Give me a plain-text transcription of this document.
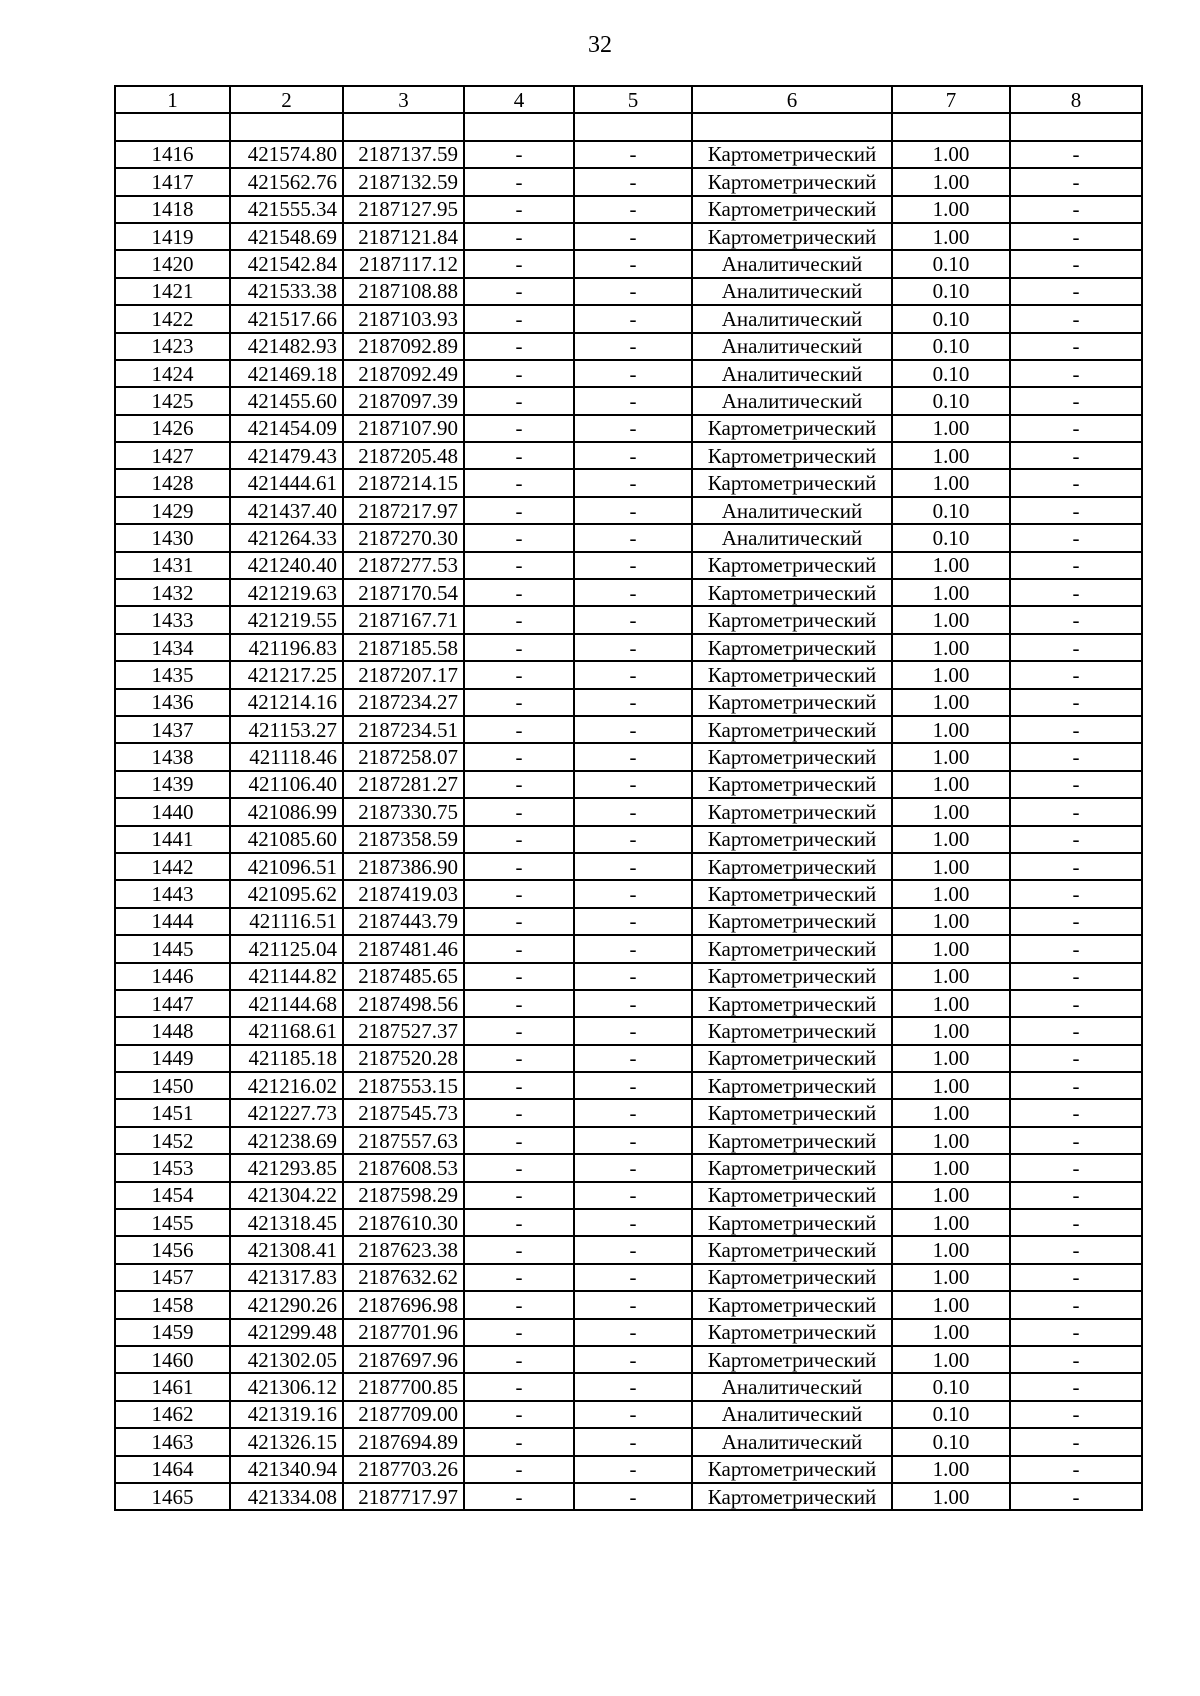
32
1	2	3	4	5	6	7	8

1416	421574.80	2187137.59	-	-	Картометрический	1.00	-
1417	421562.76	2187132.59	-	-	Картометрический	1.00	-
1418	421555.34	2187127.95	-	-	Картометрический	1.00	-
1419	421548.69	2187121.84	-	-	Картометрический	1.00	-
1420	421542.84	2187117.12	-	-	Аналитический	0.10	-
1421	421533.38	2187108.88	-	-	Аналитический	0.10	-
1422	421517.66	2187103.93	-	-	Аналитический	0.10	-
1423	421482.93	2187092.89	-	-	Аналитический	0.10	-
1424	421469.18	2187092.49	-	-	Аналитический	0.10	-
1425	421455.60	2187097.39	-	-	Аналитический	0.10	-
1426	421454.09	2187107.90	-	-	Картометрический	1.00	-
1427	421479.43	2187205.48	-	-	Картометрический	1.00	-
1428	421444.61	2187214.15	-	-	Картометрический	1.00	-
1429	421437.40	2187217.97	-	-	Аналитический	0.10	-
1430	421264.33	2187270.30	-	-	Аналитический	0.10	-
1431	421240.40	2187277.53	-	-	Картометрический	1.00	-
1432	421219.63	2187170.54	-	-	Картометрический	1.00	-
1433	421219.55	2187167.71	-	-	Картометрический	1.00	-
1434	421196.83	2187185.58	-	-	Картометрический	1.00	-
1435	421217.25	2187207.17	-	-	Картометрический	1.00	-
1436	421214.16	2187234.27	-	-	Картометрический	1.00	-
1437	421153.27	2187234.51	-	-	Картометрический	1.00	-
1438	421118.46	2187258.07	-	-	Картометрический	1.00	-
1439	421106.40	2187281.27	-	-	Картометрический	1.00	-
1440	421086.99	2187330.75	-	-	Картометрический	1.00	-
1441	421085.60	2187358.59	-	-	Картометрический	1.00	-
1442	421096.51	2187386.90	-	-	Картометрический	1.00	-
1443	421095.62	2187419.03	-	-	Картометрический	1.00	-
1444	421116.51	2187443.79	-	-	Картометрический	1.00	-
1445	421125.04	2187481.46	-	-	Картометрический	1.00	-
1446	421144.82	2187485.65	-	-	Картометрический	1.00	-
1447	421144.68	2187498.56	-	-	Картометрический	1.00	-
1448	421168.61	2187527.37	-	-	Картометрический	1.00	-
1449	421185.18	2187520.28	-	-	Картометрический	1.00	-
1450	421216.02	2187553.15	-	-	Картометрический	1.00	-
1451	421227.73	2187545.73	-	-	Картометрический	1.00	-
1452	421238.69	2187557.63	-	-	Картометрический	1.00	-
1453	421293.85	2187608.53	-	-	Картометрический	1.00	-
1454	421304.22	2187598.29	-	-	Картометрический	1.00	-
1455	421318.45	2187610.30	-	-	Картометрический	1.00	-
1456	421308.41	2187623.38	-	-	Картометрический	1.00	-
1457	421317.83	2187632.62	-	-	Картометрический	1.00	-
1458	421290.26	2187696.98	-	-	Картометрический	1.00	-
1459	421299.48	2187701.96	-	-	Картометрический	1.00	-
1460	421302.05	2187697.96	-	-	Картометрический	1.00	-
1461	421306.12	2187700.85	-	-	Аналитический	0.10	-
1462	421319.16	2187709.00	-	-	Аналитический	0.10	-
1463	421326.15	2187694.89	-	-	Аналитический	0.10	-
1464	421340.94	2187703.26	-	-	Картометрический	1.00	-
1465	421334.08	2187717.97	-	-	Картометрический	1.00	-
